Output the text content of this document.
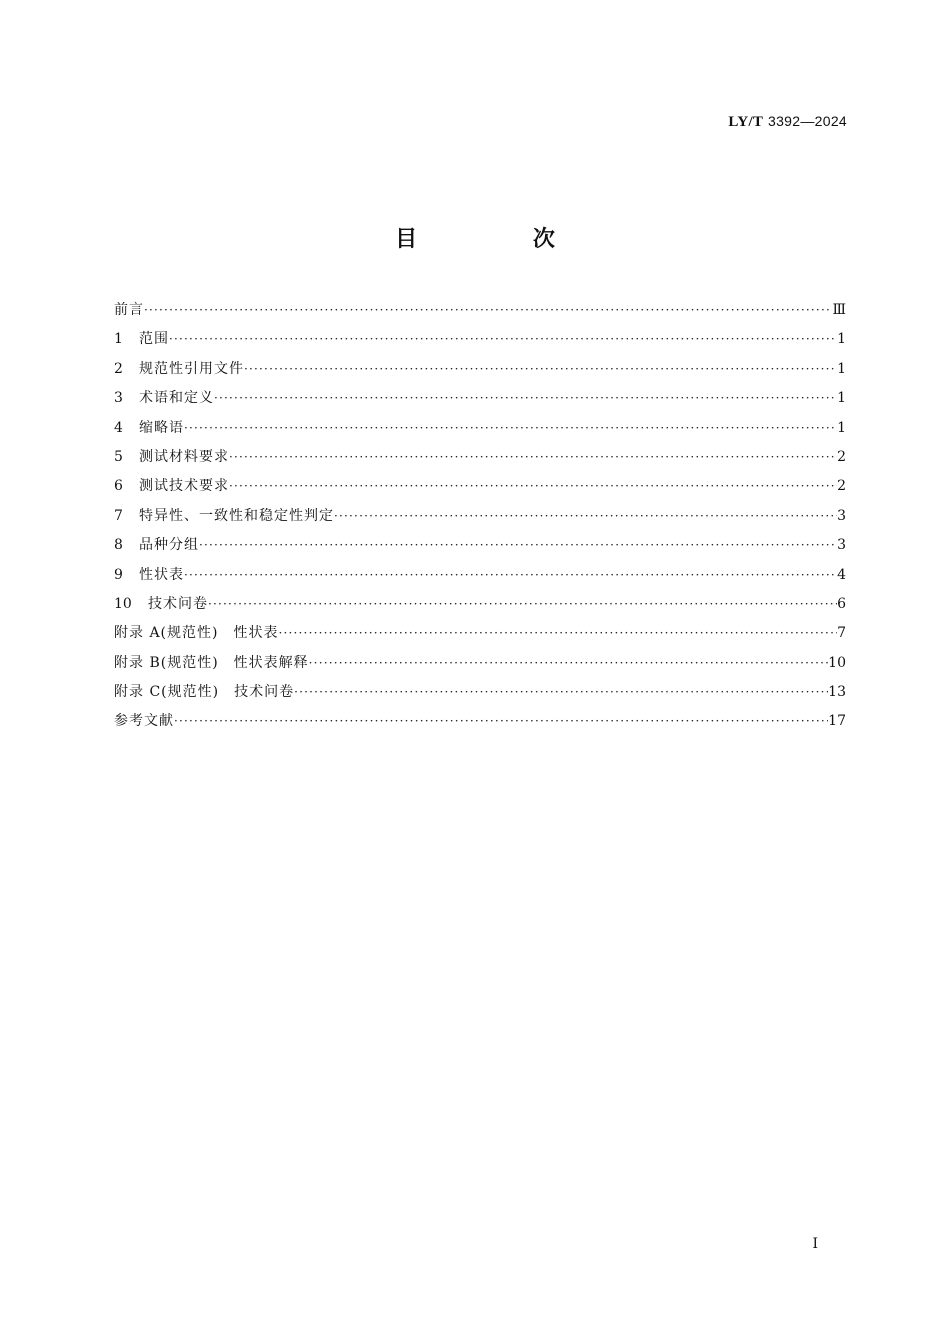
LY/T 3392—2024
目 次
前言 ·····	Ⅲ
1	范围 ·····	1
2	规范性引用文件 ·····	1
3	术语和定义 ·····	1
4	缩略语 ·····	1
5	测试材料要求 ·····	2
6	测试技术要求 ·····	2
7	特异性、一致性和稳定性判定 ·····	3
8	品种分组 ·····	3
9	性状表 ·····	4
10	技术问卷 ·····	6
附录 A(规范性)　性状表 ·····	7
附录 B(规范性)　性状表解释 ·····	10
附录 C(规范性)　技术问卷 ·····	13
参考文献 ·····	17
Ⅰ
